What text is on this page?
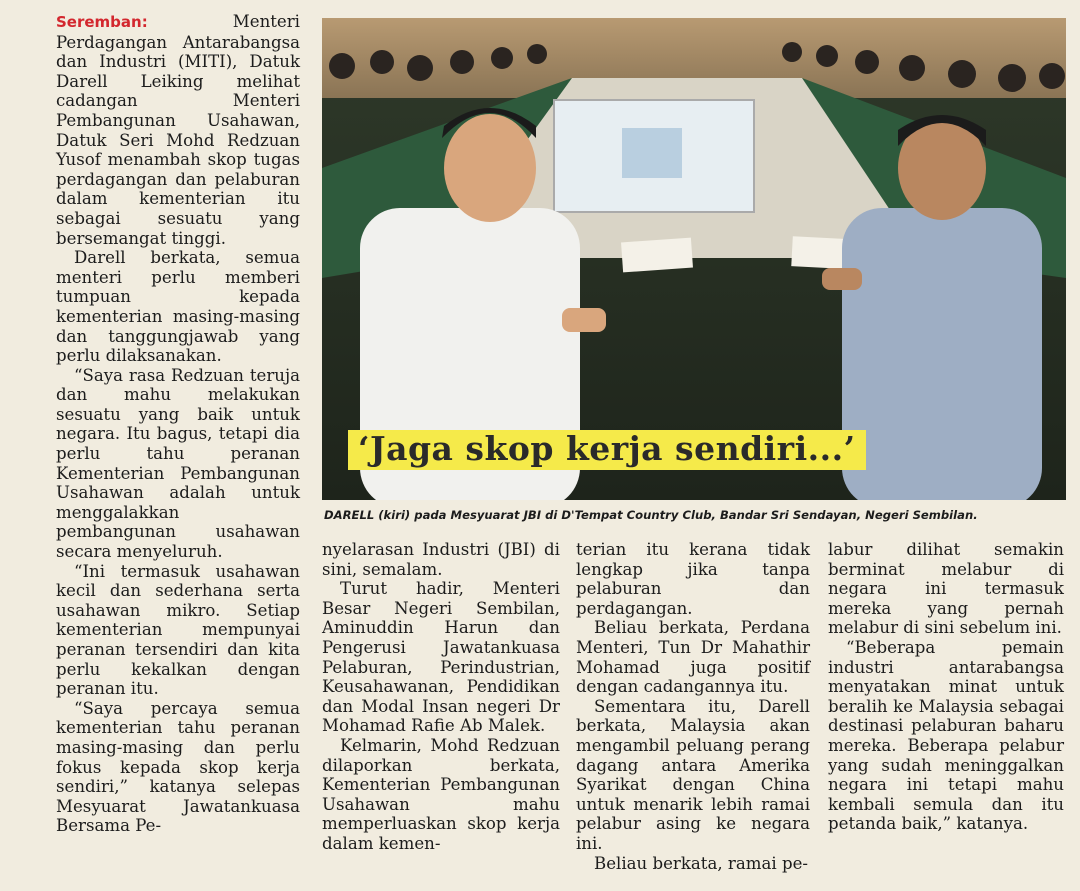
Seremban:	Menteri Perdagangan Antarabangsa dan Industri (MITI), Datuk Darell Leiking melihat cadangan Menteri Pembangunan Usahawan, Datuk Seri Mohd Redzuan Yusof menambah skop tugas perdagangan dan pelaburan dalam kementerian itu sebagai sesuatu yang bersemangat tinggi.

Darell berkata, semua menteri perlu memberi tumpuan kepada kementerian masing-masing dan tanggungjawab yang perlu dilaksanakan.

“Saya rasa Redzuan teruja dan mahu melakukan sesuatu yang baik untuk negara. Itu bagus, tetapi dia perlu tahu peranan Kementerian Pembangunan Usahawan adalah untuk menggalakkan pembangunan usahawan secara menyeluruh.

“Ini termasuk usahawan kecil dan sederhana serta usahawan mikro. Setiap kementerian mempunyai peranan tersendiri dan kita perlu kekalkan dengan peranan itu.

“Saya percaya semua kementerian tahu peranan masing-masing dan perlu fokus kepada skop kerja sendiri,” katanya selepas Mesyuarat Jawatankuasa Bersama Pe-

‘Jaga skop kerja sendiri...’
DARELL (kiri) pada Mesyuarat JBI di D'Tempat Country Club, Bandar Sri Sendayan, Negeri Sembilan.

nyelarasan Industri (JBI) di sini, semalam.

Turut hadir, Menteri Besar Negeri Sembilan, Aminuddin Harun dan Pengerusi Jawatankuasa Pelaburan, Perindustrian, Keusahawanan, Pendidikan dan Modal Insan negeri Dr Mohamad Rafie Ab Malek.

Kelmarin, Mohd Redzuan dilaporkan berkata, Kementerian Pembangunan Usahawan mahu memperluaskan skop kerja dalam kemen-

terian itu kerana tidak lengkap jika tanpa pelaburan dan perdagangan.

Beliau berkata, Perdana Menteri, Tun Dr Mahathir Mohamad juga positif dengan cadangannya itu.

Sementara itu, Darell berkata, Malaysia akan mengambil peluang perang dagang antara Amerika Syarikat dengan China untuk menarik lebih ramai pelabur asing ke negara ini.

Beliau berkata, ramai pe-

labur dilihat semakin berminat melabur di negara ini termasuk mereka yang pernah melabur di sini sebelum ini.

“Beberapa pemain industri antarabangsa menyatakan minat untuk beralih ke Malaysia sebagai destinasi pelaburan baharu mereka. Beberapa pelabur yang sudah meninggalkan negara ini tetapi mahu kembali semula dan itu petanda baik,” katanya.
